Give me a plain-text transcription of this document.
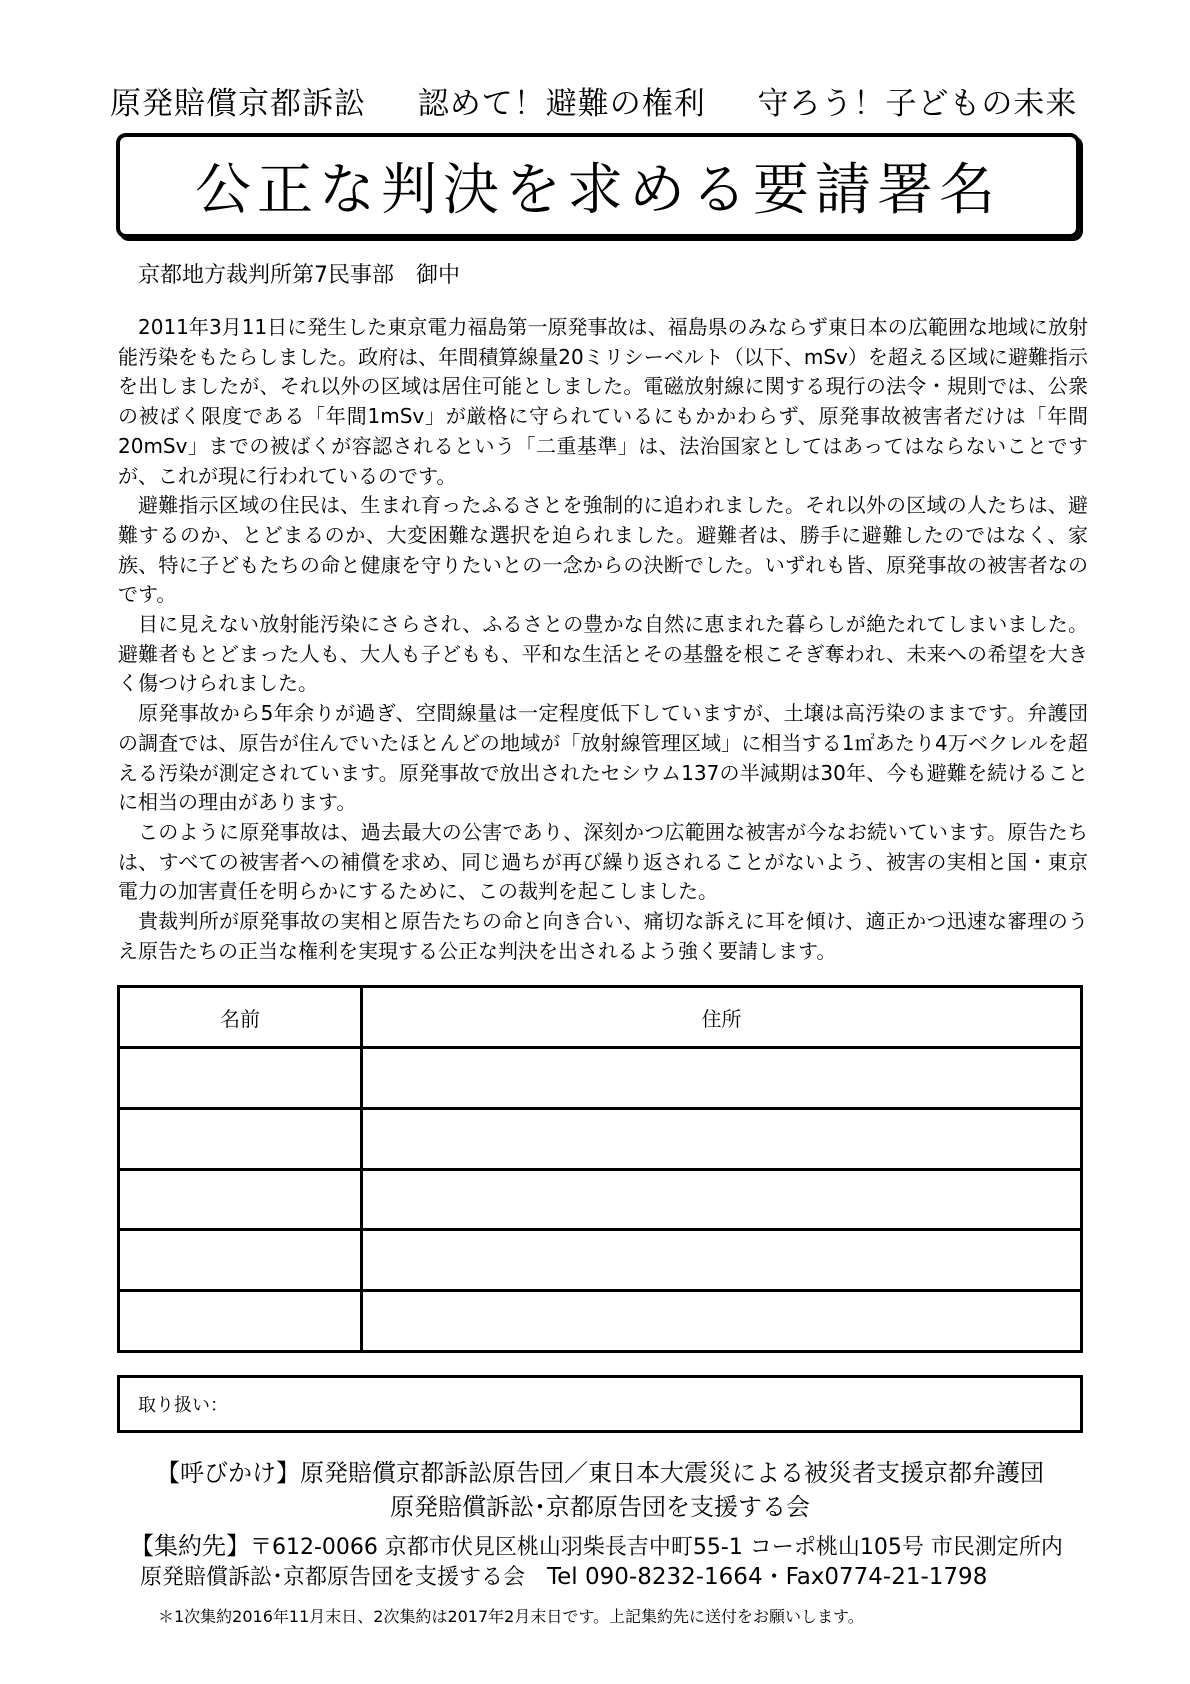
原発賠償京都訴訟 認めて！避難の権利 守ろう！子どもの未来
公正な判決を求める要請署名
京都地方裁判所第7民事部　御中

2011年3月11日に発生した東京電力福島第一原発事故は、福島県のみならず東日本の広範囲な地域に放射能汚染をもたらしました。政府は、年間積算線量20ミリシーベルト（以下、mSv）を超える区域に避難指示を出しましたが、それ以外の区域は居住可能としました。電磁放射線に関する現行の法令・規則では、公衆の被ばく限度である「年間1mSv」が厳格に守られているにもかかわらず、原発事故被害者だけは「年間20mSv」までの被ばくが容認されるという「二重基準」は、法治国家としてはあってはならないことですが、これが現に行われているのです。

避難指示区域の住民は、生まれ育ったふるさとを強制的に追われました。それ以外の区域の人たちは、避難するのか、とどまるのか、大変困難な選択を迫られました。避難者は、勝手に避難したのではなく、家族、特に子どもたちの命と健康を守りたいとの一念からの決断でした。いずれも皆、原発事故の被害者なのです。

目に見えない放射能汚染にさらされ、ふるさとの豊かな自然に恵まれた暮らしが絶たれてしまいました。避難者もとどまった人も、大人も子どもも、平和な生活とその基盤を根こそぎ奪われ、未来への希望を大きく傷つけられました。

原発事故から5年余りが過ぎ、空間線量は一定程度低下していますが、土壌は高汚染のままです。弁護団の調査では、原告が住んでいたほとんどの地域が「放射線管理区域」に相当する1㎡あたり4万ベクレルを超える汚染が測定されています。原発事故で放出されたセシウム137の半減期は30年、今も避難を続けることに相当の理由があります。

このように原発事故は、過去最大の公害であり、深刻かつ広範囲な被害が今なお続いています。原告たちは、すべての被害者への補償を求め、同じ過ちが再び繰り返されることがないよう、被害の実相と国・東京電力の加害責任を明らかにするために、この裁判を起こしました。

貴裁判所が原発事故の実相と原告たちの命と向き合い、痛切な訴えに耳を傾け、適正かつ迅速な審理のうえ原告たちの正当な権利を実現する公正な判決を出されるよう強く要請します。

名前	住所

取り扱い：
【呼びかけ】原発賠償京都訴訟原告団／東日本大震災による被災者支援京都弁護団
原発賠償訴訟･京都原告団を支援する会
【集約先】〒612-0066 京都市伏見区桃山羽柴長吉中町55-1 コーポ桃山105号 市民測定所内
原発賠償訴訟･京都原告団を支援する会 Tel 090-8232-1664・Fax0774-21-1798
＊1次集約2016年11月末日、2次集約は2017年2月末日です。上記集約先に送付をお願いします。
